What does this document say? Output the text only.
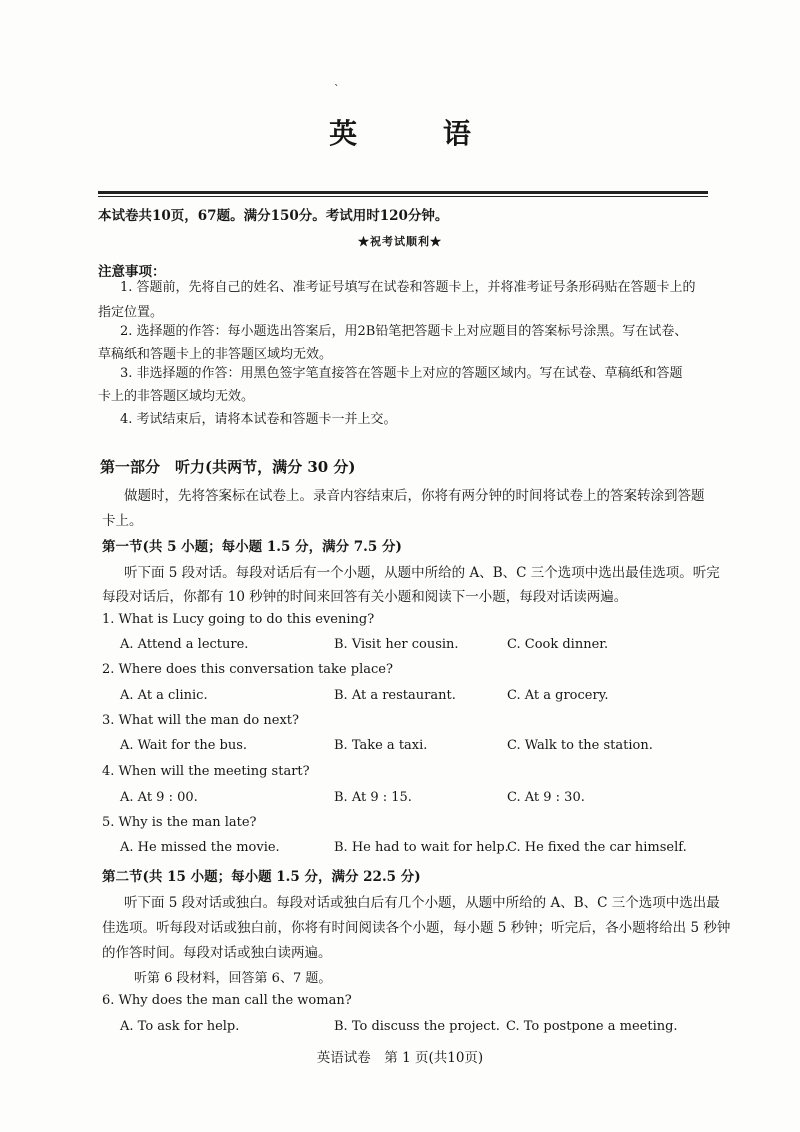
`
英 语
本试卷共10页，67题。满分150分。考试用时120分钟。
★祝考试顺利★
注意事项：
1. 答题前，先将自己的姓名、准考证号填写在试卷和答题卡上，并将准考证号条形码贴在答题卡上的
指定位置。
2. 选择题的作答：每小题选出答案后，用2B铅笔把答题卡上对应题目的答案标号涂黑。写在试卷、
草稿纸和答题卡上的非答题区域均无效。
3. 非选择题的作答：用黑色签字笔直接答在答题卡上对应的答题区域内。写在试卷、草稿纸和答题
卡上的非答题区域均无效。
4. 考试结束后，请将本试卷和答题卡一并上交。
第一部分　听力(共两节，满分 30 分)
做题时，先将答案标在试卷上。录音内容结束后，你将有两分钟的时间将试卷上的答案转涂到答题
卡上。
第一节(共 5 小题；每小题 1.5 分，满分 7.5 分)
听下面 5 段对话。每段对话后有一个小题，从题中所给的 A、B、C 三个选项中选出最佳选项。听完
每段对话后，你都有 10 秒钟的时间来回答有关小题和阅读下一小题，每段对话读两遍。
1. What is Lucy going to do this evening?
A. Attend a lecture.	B. Visit her cousin.	C. Cook dinner.
2. Where does this conversation take place?
A. At a clinic.	B. At a restaurant.	C. At a grocery.
3. What will the man do next?
A. Wait for the bus.	B. Take a taxi.	C. Walk to the station.
4. When will the meeting start?
A. At 9 : 00.	B. At 9 : 15.	C. At 9 : 30.
5. Why is the man late?
A. He missed the movie.	B. He had to wait for help.
C. He fixed the car himself.
第二节(共 15 小题；每小题 1.5 分，满分 22.5 分)
听下面 5 段对话或独白。每段对话或独白后有几个小题，从题中所给的 A、B、C 三个选项中选出最
佳选项。听每段对话或独白前，你将有时间阅读各个小题，每小题 5 秒钟；听完后，各小题将给出 5 秒钟
的作答时间。每段对话或独白读两遍。
听第 6 段材料，回答第 6、7 题。
6. Why does the man call the woman?
A. To ask for help.	B. To discuss the project. C. To postpone a meeting.
英语试卷　第 1 页(共10页)
